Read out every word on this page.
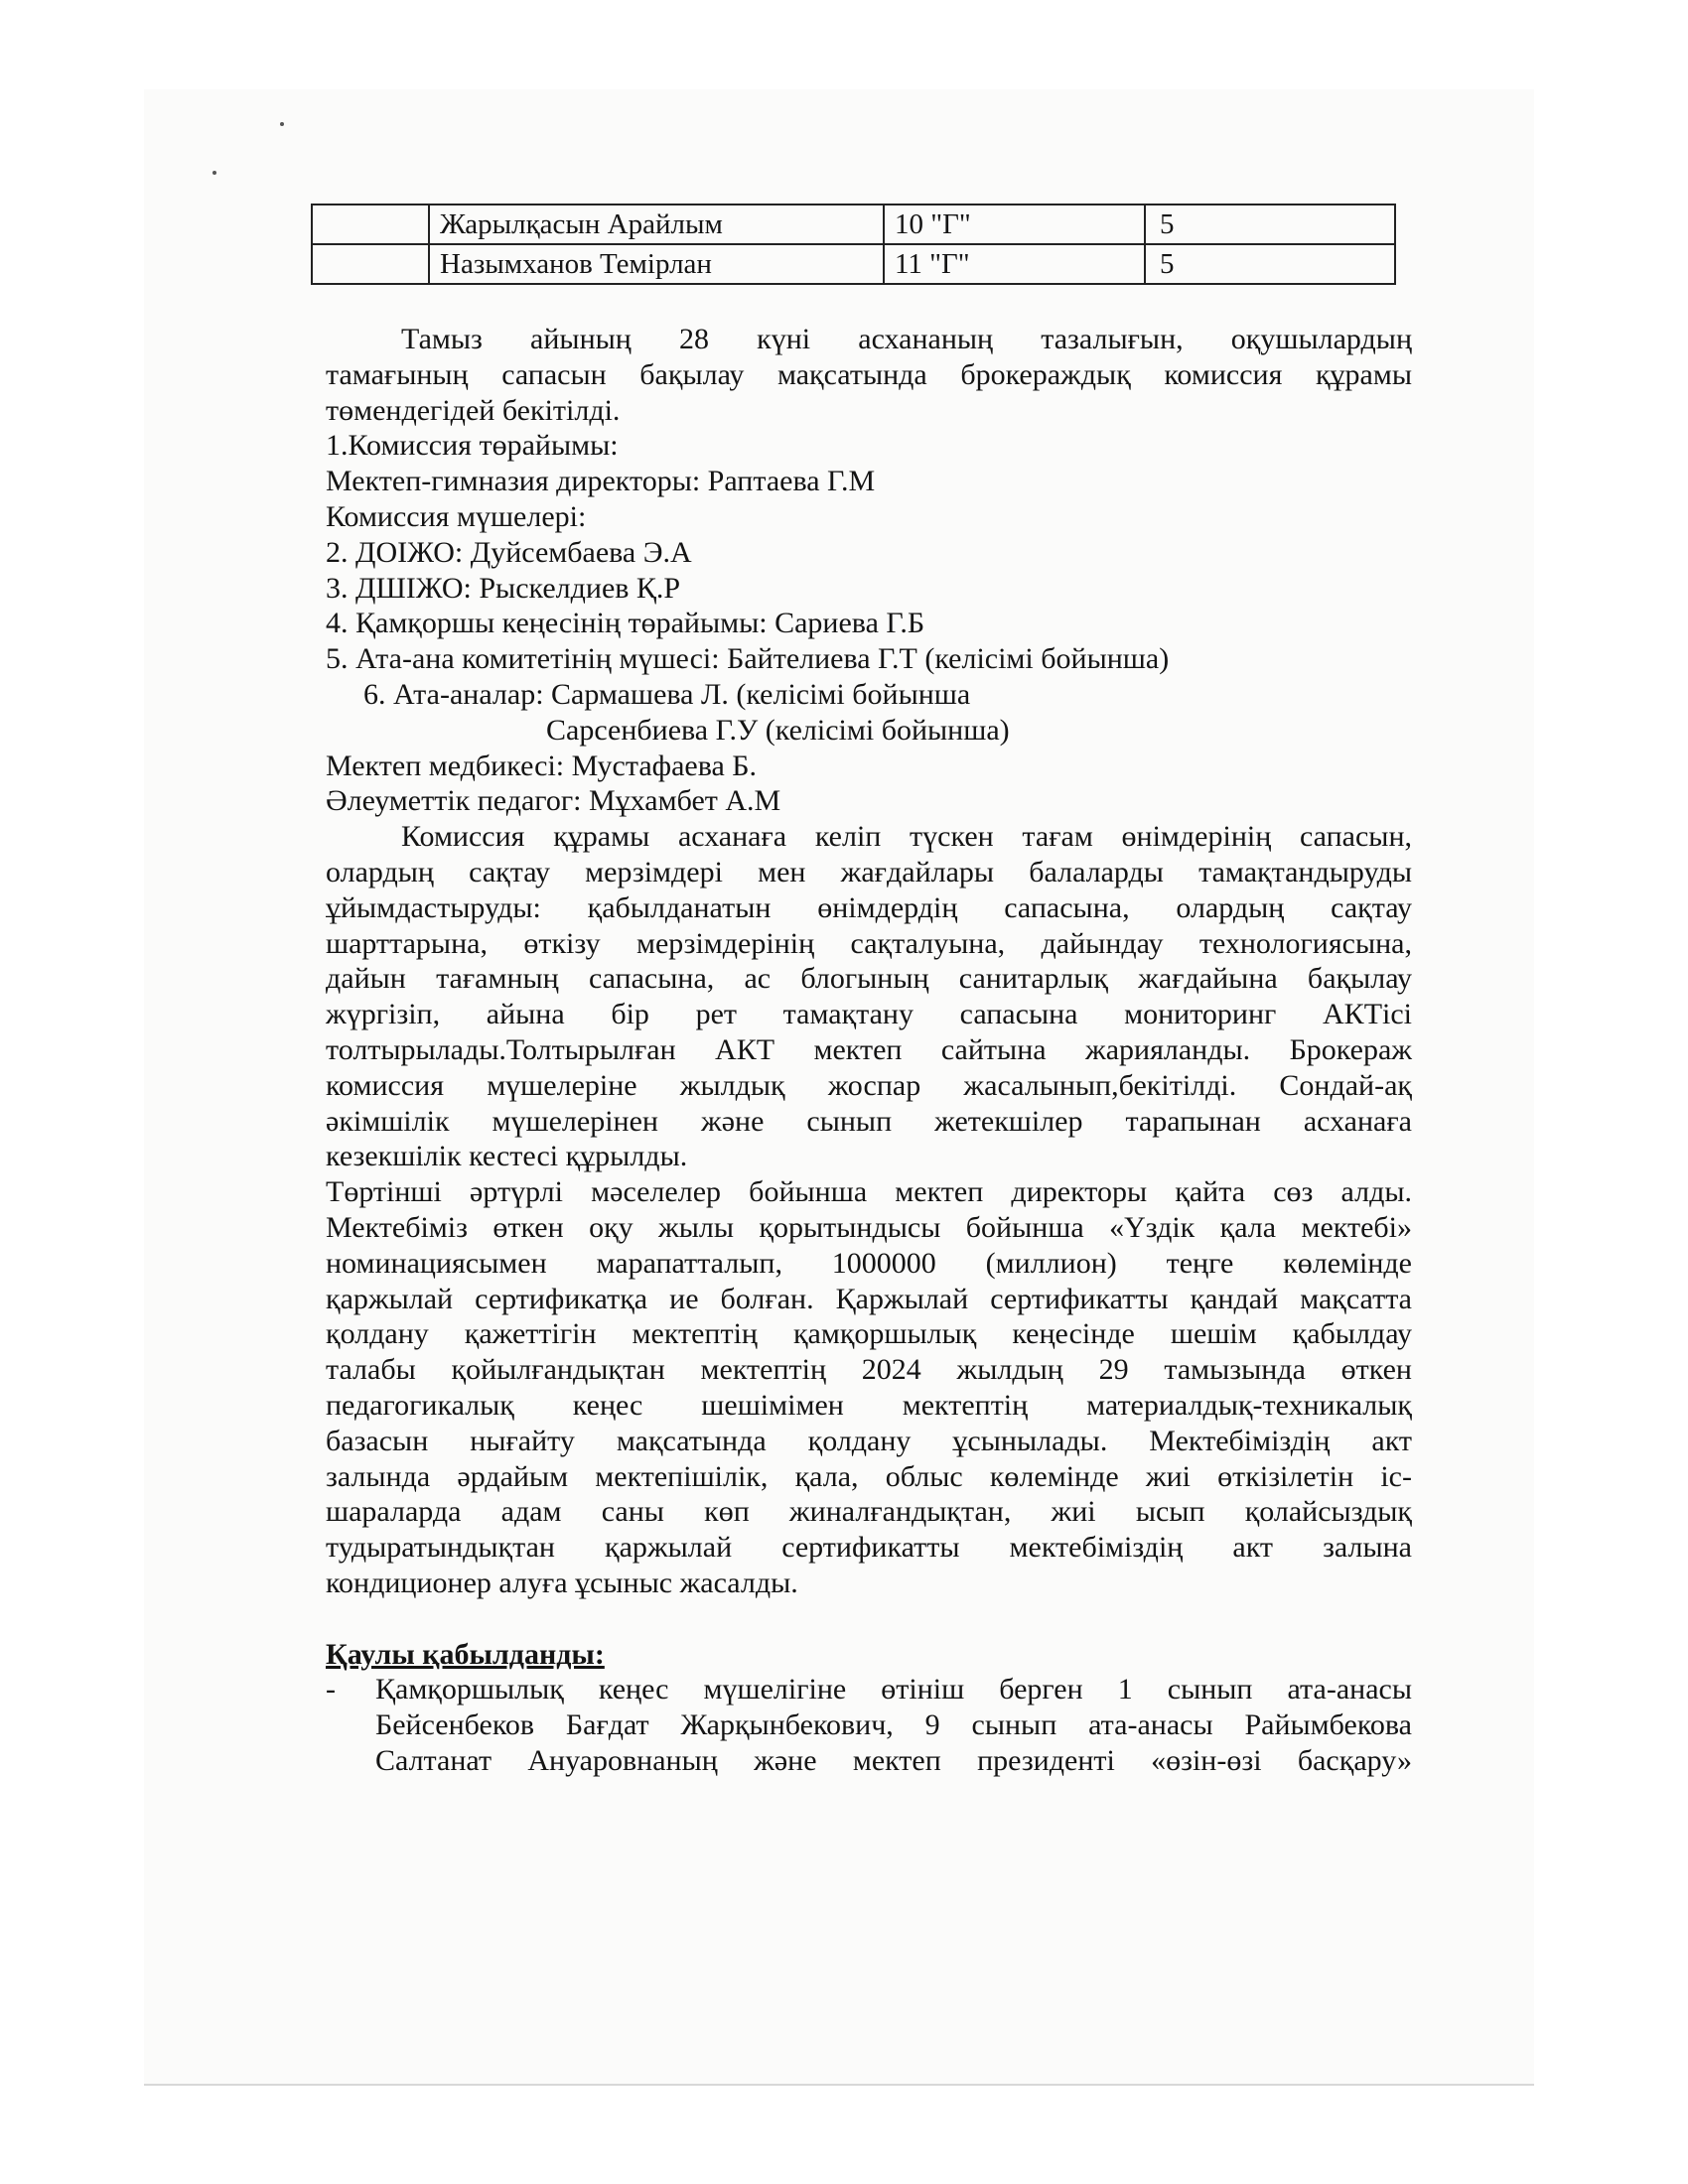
	Жарылқасын Арайлым	10 "Г"	5
	Назымханов Темірлан	11 "Г"	5

Тамыз айының 28 күні асхананың тазалығын, оқушылардың

тамағының сапасын бақылау мақсатында брокераждық комиссия құрамы

төмендегідей бекітілді.

1.Комиссия төрайымы:

Мектеп-гимназия директоры: Раптаева Г.М

Комиссия мүшелері:

2. ДОІЖО: Дуйсембаева Э.А

3. ДШІЖО: Рыскелдиев Қ.Р

4. Қамқоршы кеңесінің төрайымы: Сариева Г.Б

5. Ата-ана комитетінің мүшесі: Байтелиева Г.Т (келісімі бойынша)

6. Ата-аналар: Сармашева Л. (келісімі бойынша

Сарсенбиева Г.У (келісімі бойынша)

Мектеп медбикесі: Мустафаева Б.

Әлеуметтік педагог: Мұхамбет А.М

Комиссия құрамы асханаға келіп түскен тағам өнімдерінің сапасын,

олардың сақтау мерзімдері мен жағдайлары балаларды тамақтандыруды

ұйымдастыруды: қабылданатын өнімдердің сапасына, олардың сақтау

шарттарына, өткізу мерзімдерінің сақталуына, дайындау технологиясына,

дайын тағамның сапасына, ас блогының санитарлық жағдайына бақылау

жүргізіп, айына бір рет тамақтану сапасына мониторинг АКТісі

толтырылады.Толтырылған АКТ мектеп сайтына жарияланды. Брокераж

комиссия мүшелеріне жылдық жоспар жасалынып,бекітілді. Сондай-ақ

әкімшілік мүшелерінен және сынып жетекшілер тарапынан асханаға

кезекшілік кестесі құрылды.

Төртінші әртүрлі мәселелер бойынша мектеп директоры қайта сөз алды.

Мектебіміз өткен оқу жылы қорытындысы бойынша «Үздік қала мектебі»

номинациясымен марапатталып, 1000000 (миллион) теңге көлемінде

қаржылай сертификатқа ие болған. Қаржылай сертификатты қандай мақсатта

қолдану қажеттігін мектептің қамқоршылық кеңесінде шешім қабылдау

талабы қойылғандықтан мектептің 2024 жылдың 29 тамызында өткен

педагогикалық кеңес шешімімен мектептің материалдық-техникалық

базасын нығайту мақсатында қолдану ұсынылады. Мектебіміздің акт

залында әрдайым мектепішілік, қала, облыс көлемінде жиі өткізілетін іс-

шараларда адам саны көп жиналғандықтан, жиі ысып қолайсыздық

тудыратындықтан қаржылай сертификатты мектебіміздің акт залына

кондиционер алуға ұсыныс жасалды.

Қаулы қабылданды:

-	Қамқоршылық кеңес мүшелігіне өтініш берген 1 сынып ата-анасы

Бейсенбеков Бағдат Жарқынбекович, 9 сынып ата-анасы Райымбекова

Салтанат Ануаровнаның және мектеп президенті «өзін-өзі басқару»
